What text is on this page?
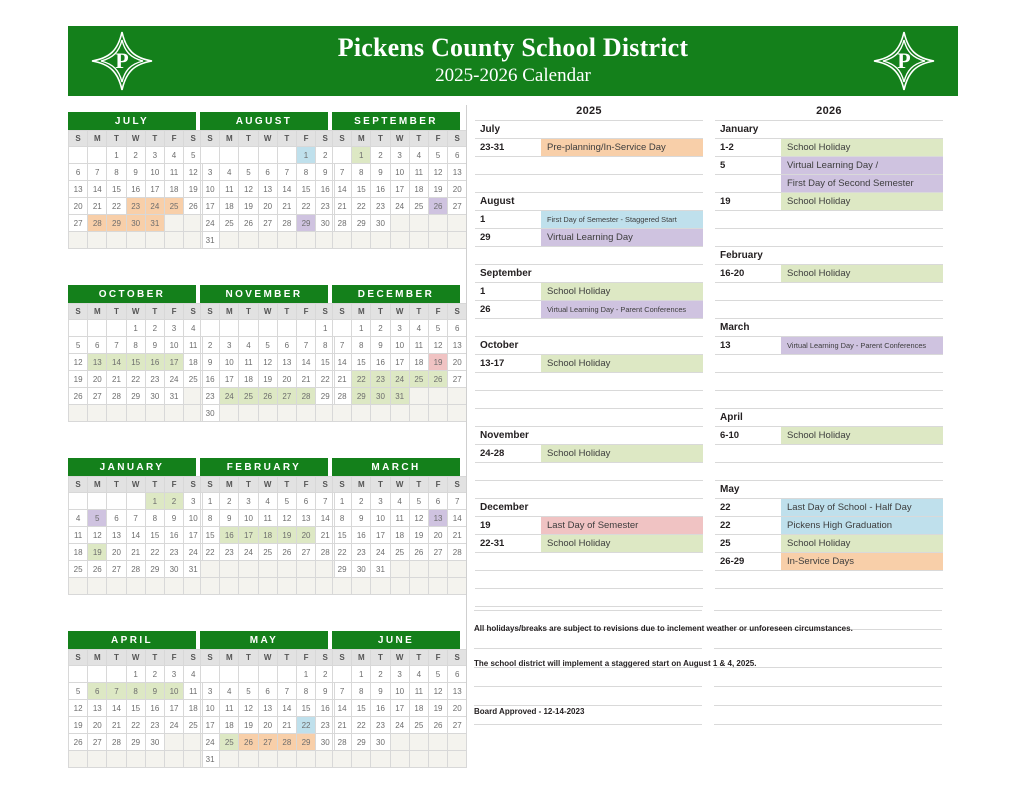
P	Pickens County School District
2025-2026 Calendar
P
JULY
S	M	T	W	T	F	S
		1	2	3	4	5
6	7	8	9	10	11	12
13	14	15	16	17	18	19
20	21	22	23	24	25	26
27	28	29	30	31		

AUGUST
S	M	T	W	T	F	S
					1	2
3	4	5	6	7	8	9
10	11	12	13	14	15	16
17	18	19	20	21	22	23
24	25	26	27	28	29	30
31						
SEPTEMBER
S	M	T	W	T	F	S
	1	2	3	4	5	6
7	8	9	10	11	12	13
14	15	16	17	18	19	20
21	22	23	24	25	26	27
28	29	30				

OCTOBER
S	M	T	W	T	F	S
			1	2	3	4
5	6	7	8	9	10	11
12	13	14	15	16	17	18
19	20	21	22	23	24	25
26	27	28	29	30	31	

NOVEMBER
S	M	T	W	T	F	S
						1
2	3	4	5	6	7	8
9	10	11	12	13	14	15
16	17	18	19	20	21	22
23	24	25	26	27	28	29
30						
DECEMBER
S	M	T	W	T	F	S
	1	2	3	4	5	6
7	8	9	10	11	12	13
14	15	16	17	18	19	20
21	22	23	24	25	26	27
28	29	30	31			

JANUARY
S	M	T	W	T	F	S
				1	2	3
4	5	6	7	8	9	10
11	12	13	14	15	16	17
18	19	20	21	22	23	24
25	26	27	28	29	30	31

FEBRUARY
S	M	T	W	T	F	S
1	2	3	4	5	6	7
8	9	10	11	12	13	14
15	16	17	18	19	20	21
22	23	24	25	26	27	28

MARCH
S	M	T	W	T	F	S
1	2	3	4	5	6	7
8	9	10	11	12	13	14
15	16	17	18	19	20	21
22	23	24	25	26	27	28
29	30	31				

APRIL
S	M	T	W	T	F	S
			1	2	3	4
5	6	7	8	9	10	11
12	13	14	15	16	17	18
19	20	21	22	23	24	25
26	27	28	29	30		

MAY
S	M	T	W	T	F	S
					1	2
3	4	5	6	7	8	9
10	11	12	13	14	15	16
17	18	19	20	21	22	23
24	25	26	27	28	29	30
31						
JUNE
S	M	T	W	T	F	S
	1	2	3	4	5	6
7	8	9	10	11	12	13
14	15	16	17	18	19	20
21	22	23	24	25	26	27
28	29	30				

2025
July

23-31	Pre-planning/In-Service Day

August

1	First Day of Semester - Staggered Start
29	Virtual Learning Day

September

1	School Holiday
26	Virtual Learning Day - Parent Conferences

October

13-17	School Holiday

November

24-28	School Holiday

December

19	Last Day of Semester
22-31	School Holiday

2026
January

1-2	School Holiday
5	Virtual Learning Day /

First Day of Second Semester
19	School Holiday

February

16-20	School Holiday

March

13	Virtual Learning Day - Parent Conferences

April

6-10	School Holiday

May

22	Last Day of School - Half Day
22	Pickens High Graduation
25	School Holiday
26-29	In-Service Days

All holidays/breaks are subject to revisions due to inclement weather or unforeseen circumstances.
The school district will implement a staggered start on August 1 & 4, 2025.
Board Approved - 12-14-2023
